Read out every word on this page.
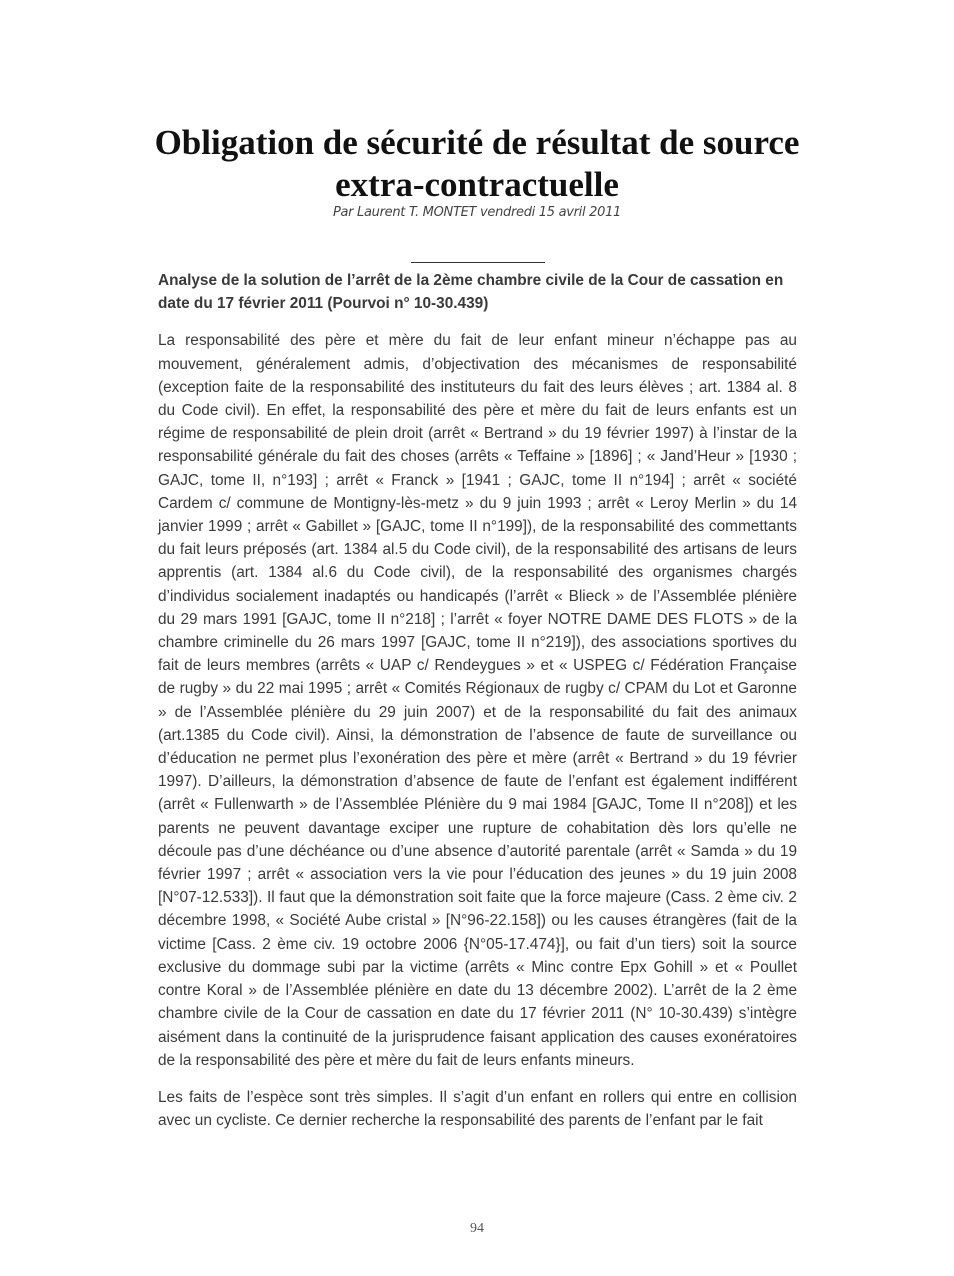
Obligation de sécurité de résultat de source extra-contractuelle
Par Laurent T. MONTET vendredi 15 avril 2011

Analyse de la solution de l’arrêt de la 2ème chambre civile de la Cour de cassation en date du 17 février 2011 (Pourvoi n° 10-30.439)

La responsabilité des père et mère du fait de leur enfant mineur n’échappe pas au mouvement, généralement admis, d’objectivation des mécanismes de responsabilité (exception faite de la responsabilité des instituteurs du fait des leurs élèves ; art. 1384 al. 8 du Code civil). En effet, la responsabilité des père et mère du fait de leurs enfants est un régime de responsabilité de plein droit (arrêt « Bertrand » du 19 février 1997) à l’instar de la responsabilité générale du fait des choses (arrêts « Teffaine » [1896] ; « Jand’Heur » [1930 ; GAJC, tome II, n°193] ; arrêt « Franck » [1941 ; GAJC, tome II n°194] ; arrêt « société Cardem c/ commune de Montigny-lès-metz » du 9 juin 1993 ; arrêt « Leroy Merlin » du 14 janvier 1999 ; arrêt « Gabillet » [GAJC, tome II n°199]), de la responsabilité des commettants du fait leurs préposés (art. 1384 al.5 du Code civil), de la responsabilité des artisans de leurs apprentis (art. 1384 al.6 du Code civil), de la responsabilité des organismes chargés d’individus socialement inadaptés ou handicapés (l’arrêt « Blieck » de l’Assemblée plénière du 29 mars 1991 [GAJC, tome II n°218] ; l’arrêt « foyer NOTRE DAME DES FLOTS » de la chambre criminelle du 26 mars 1997 [GAJC, tome II n°219]), des associations sportives du fait de leurs membres (arrêts « UAP c/ Rendeygues » et « USPEG c/ Fédération Française de rugby » du 22 mai 1995 ; arrêt « Comités Régionaux de rugby c/ CPAM du Lot et Garonne » de l’Assemblée plénière du 29 juin 2007) et de la responsabilité du fait des animaux (art.1385 du Code civil). Ainsi, la démonstration de l’absence de faute de surveillance ou d’éducation ne permet plus l’exonération des père et mère (arrêt « Bertrand » du 19 février 1997). D’ailleurs, la démonstration d’absence de faute de l’enfant est également indifférent (arrêt « Fullenwarth » de l’Assemblée Plénière du 9 mai 1984 [GAJC, Tome II n°208]) et les parents ne peuvent davantage exciper une rupture de cohabitation dès lors qu’elle ne découle pas d’une déchéance ou d’une absence d’autorité parentale (arrêt « Samda » du 19 février 1997 ; arrêt « association vers la vie pour l’éducation des jeunes » du 19 juin 2008 [N°07-12.533]). Il faut que la démonstration soit faite que la force majeure (Cass. 2 ème civ. 2 décembre 1998, « Société Aube cristal » [N°96-22.158]) ou les causes étrangères (fait de la victime [Cass. 2 ème civ. 19 octobre 2006 {N°05-17.474}], ou fait d’un tiers) soit la source exclusive du dommage subi par la victime (arrêts « Minc contre Epx Gohill » et « Poullet contre Koral » de l’Assemblée plénière en date du 13 décembre 2002). L’arrêt de la 2 ème chambre civile de la Cour de cassation en date du 17 février 2011 (N° 10-30.439) s’intègre aisément dans la continuité de la jurisprudence faisant application des causes exonératoires de la responsabilité des père et mère du fait de leurs enfants mineurs.

Les faits de l’espèce sont très simples. Il s’agit d’un enfant en rollers qui entre en collision avec un cycliste. Ce dernier recherche la responsabilité des parents de l’enfant par le fait

94
